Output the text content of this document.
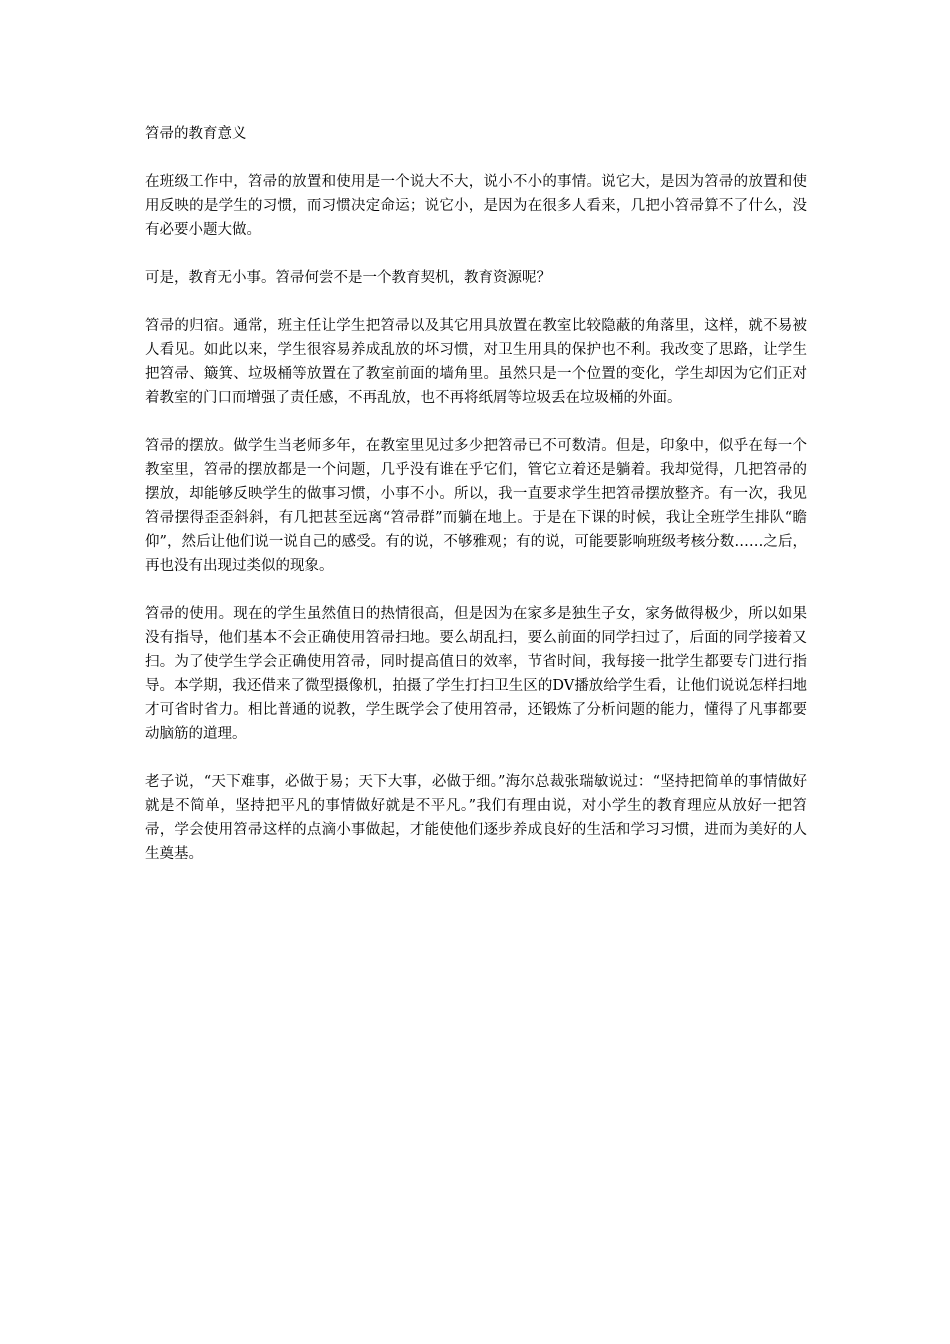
笤帚的教育意义

在班级工作中，笤帚的放置和使用是一个说大不大，说小不小的事情。说它大，是因为笤帚的放置和使用反映的是学生的习惯，而习惯决定命运；说它小，是因为在很多人看来，几把小笤帚算不了什么，没有必要小题大做。

可是，教育无小事。笤帚何尝不是一个教育契机，教育资源呢？

笤帚的归宿。通常，班主任让学生把笤帚以及其它用具放置在教室比较隐蔽的角落里，这样，就不易被人看见。如此以来，学生很容易养成乱放的坏习惯，对卫生用具的保护也不利。我改变了思路，让学生把笤帚、簸箕、垃圾桶等放置在了教室前面的墙角里。虽然只是一个位置的变化，学生却因为它们正对着教室的门口而增强了责任感，不再乱放，也不再将纸屑等垃圾丢在垃圾桶的外面。

笤帚的摆放。做学生当老师多年，在教室里见过多少把笤帚已不可数清。但是，印象中，似乎在每一个教室里，笤帚的摆放都是一个问题，几乎没有谁在乎它们，管它立着还是躺着。我却觉得，几把笤帚的摆放，却能够反映学生的做事习惯，小事不小。所以，我一直要求学生把笤帚摆放整齐。有一次，我见笤帚摆得歪歪斜斜，有几把甚至远离“笤帚群”而躺在地上。于是在下课的时候，我让全班学生排队“瞻仰”，然后让他们说一说自己的感受。有的说，不够雅观；有的说，可能要影响班级考核分数……之后，再也没有出现过类似的现象。

笤帚的使用。现在的学生虽然值日的热情很高，但是因为在家多是独生子女，家务做得极少，所以如果没有指导，他们基本不会正确使用笤帚扫地。要么胡乱扫，要么前面的同学扫过了，后面的同学接着又扫。为了使学生学会正确使用笤帚，同时提高值日的效率，节省时间，我每接一批学生都要专门进行指导。本学期，我还借来了微型摄像机，拍摄了学生打扫卫生区的DV播放给学生看，让他们说说怎样扫地才可省时省力。相比普通的说教，学生既学会了使用笤帚，还锻炼了分析问题的能力，懂得了凡事都要动脑筋的道理。

老子说，“天下难事，必做于易；天下大事，必做于细。”海尔总裁张瑞敏说过：“坚持把简单的事情做好就是不简单，坚持把平凡的事情做好就是不平凡。”我们有理由说，对小学生的教育理应从放好一把笤帚，学会使用笤帚这样的点滴小事做起，才能使他们逐步养成良好的生活和学习习惯，进而为美好的人生奠基。
